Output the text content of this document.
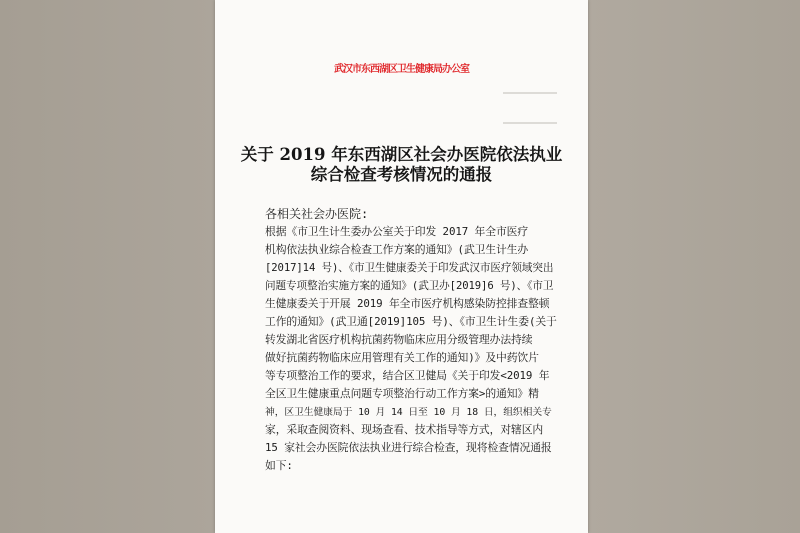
武汉市东西湖区卫生健康局办公室
关于 2019 年东西湖区社会办医院依法执业
综合检查考核情况的通报
各相关社会办医院:
根据《市卫生计生委办公室关于印发 2017 年全市医疗
机构依法执业综合检查工作方案的通知》(武卫生计生办
[2017]14 号)、《市卫生健康委关于印发武汉市医疗领域突出
问题专项整治实施方案的通知》(武卫办[2019]6 号)、《市卫
生健康委关于开展 2019 年全市医疗机构感染防控排查整顿
工作的通知》(武卫通[2019]105 号)、《市卫生计生委(关于
转发湖北省医疗机构抗菌药物临床应用分级管理办法持续
做好抗菌药物临床应用管理有关工作的通知)》及中药饮片
等专项整治工作的要求，结合区卫健局《关于印发<2019 年
全区卫生健康重点问题专项整治行动工作方案>的通知》精
神，区卫生健康局于 10 月 14 日至 10 月 18 日，组织相关专
家，采取查阅资料、现场查看、技术指导等方式，对辖区内
15 家社会办医院依法执业进行综合检查，现将检查情况通报
如下:
